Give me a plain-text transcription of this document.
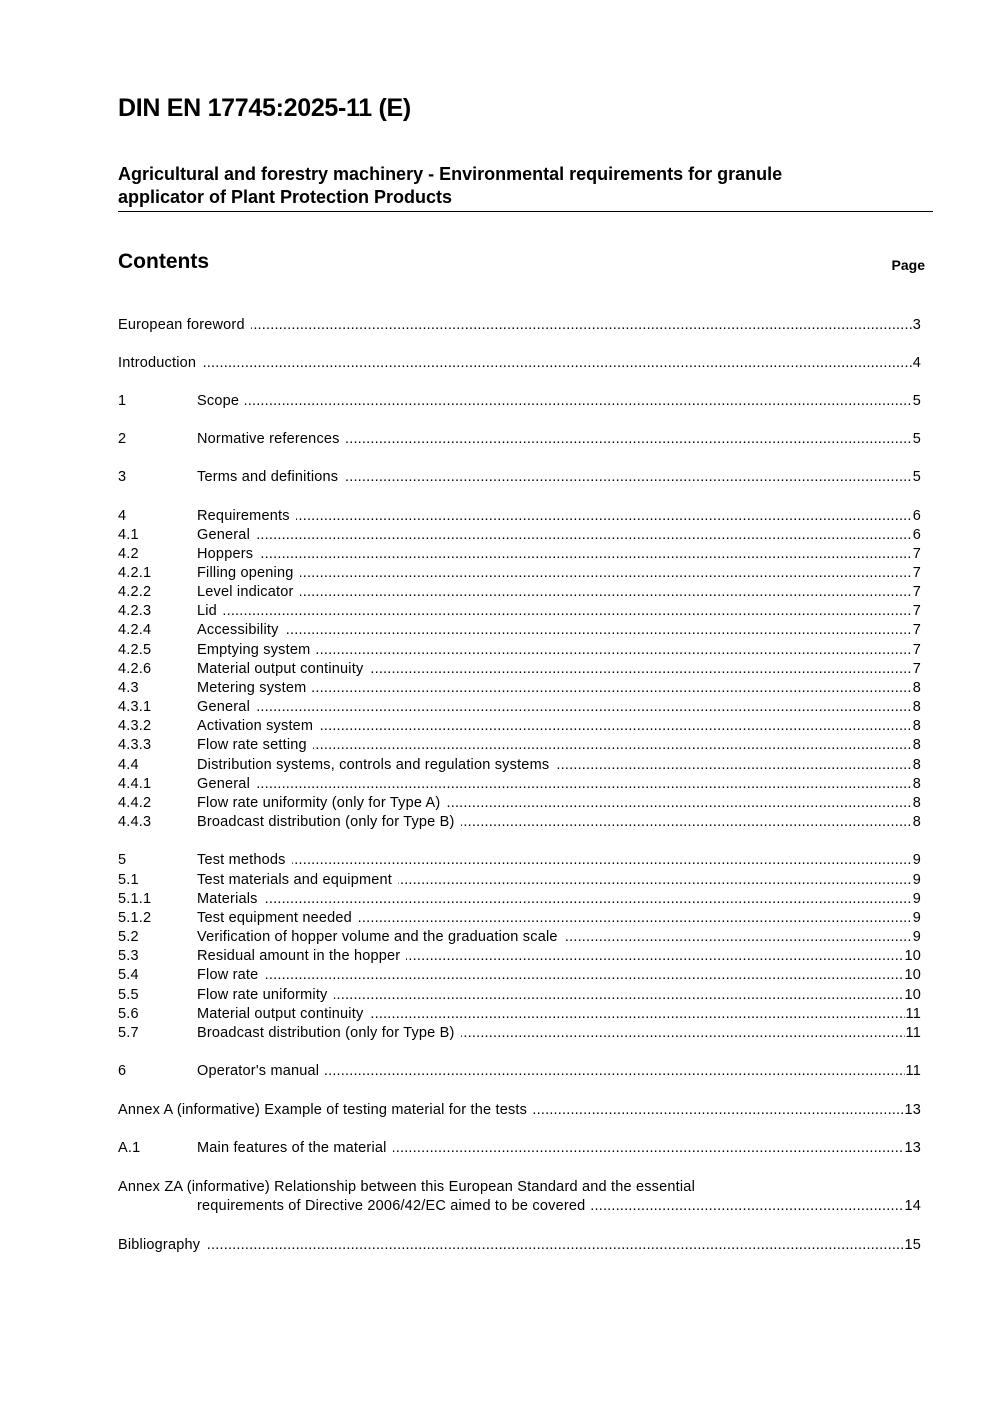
DIN EN 17745:2025-11 (E)
Agricultural and forestry machinery - Environmental requirements for granule
applicator of Plant Protection Products
Contents	Page
European foreword .....	3
Introduction .....	4
1	Scope .....	5
2	Normative references .....	5
3	Terms and definitions .....	5
4	Requirements .....	6
4.1	General .....	6
4.2	Hoppers .....	7
4.2.1	Filling opening .....	7
4.2.2	Level indicator .....	7
4.2.3	Lid .....	7
4.2.4	Accessibility .....	7
4.2.5	Emptying system .....	7
4.2.6	Material output continuity .....	7
4.3	Metering system .....	8
4.3.1	General .....	8
4.3.2	Activation system .....	8
4.3.3	Flow rate setting .....	8
4.4	Distribution systems, controls and regulation systems .....	8
4.4.1	General .....	8
4.4.2	Flow rate uniformity (only for Type A) .....	8
4.4.3	Broadcast distribution (only for Type B) .....	8
5	Test methods .....	9
5.1	Test materials and equipment .....	9
5.1.1	Materials .....	9
5.1.2	Test equipment needed .....	9
5.2	Verification of hopper volume and the graduation scale .....	9
5.3	Residual amount in the hopper .....	10
5.4	Flow rate .....	10
5.5	Flow rate uniformity .....	10
5.6	Material output continuity .....	11
5.7	Broadcast distribution (only for Type B) .....	11
6	Operator's manual .....	11
Annex A (informative) Example of testing material for the tests .....	13
A.1	Main features of the material .....	13
Annex ZA (informative) Relationship between this European Standard and the essential
requirements of Directive 2006/42/EC aimed to be covered .....	14
Bibliography .....	15
